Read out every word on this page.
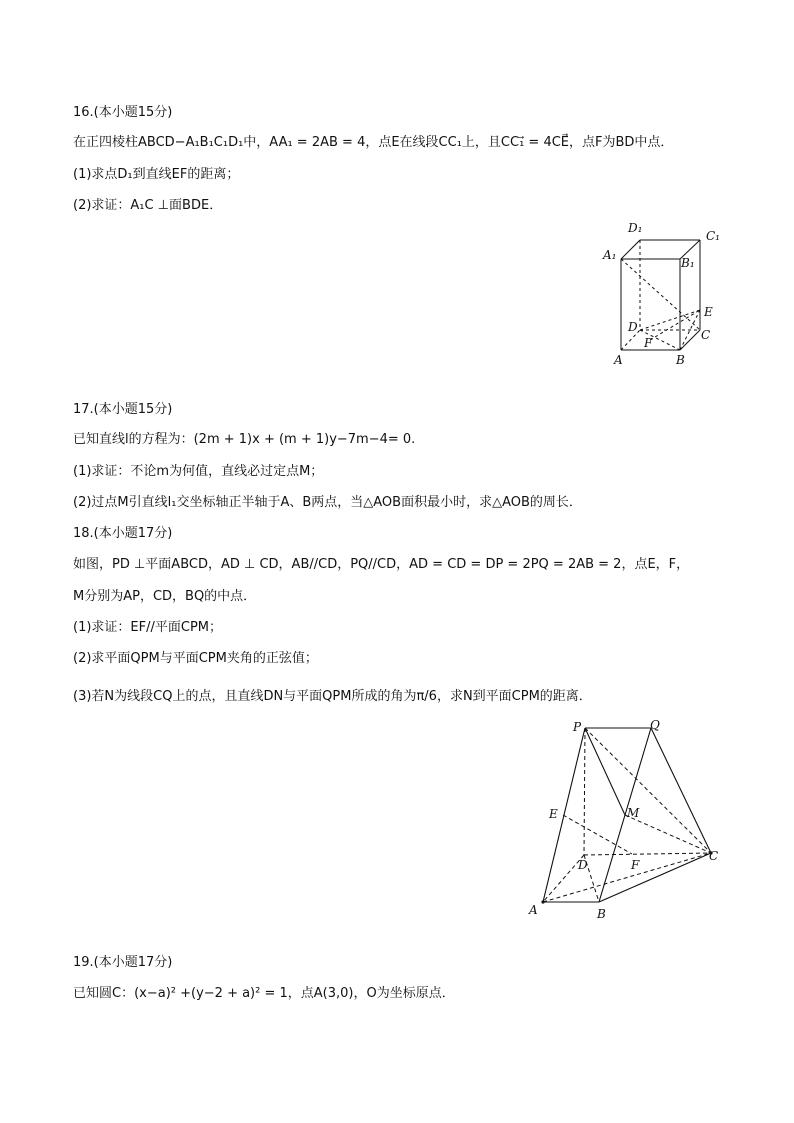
16.(本小题15分)
在正四棱柱ABCD−A₁B₁C₁D₁中，AA₁ = 2AB = 4，点E在线段CC₁上，且CC₁⃗ = 4CE⃗，点F为BD中点．
(1)求点D₁到直线EF的距离；
(2)求证：A₁C ⊥面BDE．
D₁
C₁
A₁
B₁
E
D
C
F
A	B
17.(本小题15分)
已知直线l的方程为：(2m + 1)x + (m + 1)y−7m−4= 0.
(1)求证：不论m为何值，直线必过定点M；
(2)过点M引直线l₁交坐标轴正半轴于A、B两点，当△AOB面积最小时，求△AOB的周长．
18.(本小题17分)
如图，PD ⊥平面ABCD，AD ⊥ CD，AB//CD，PQ//CD，AD = CD = DP = 2PQ = 2AB = 2，点E，F，
M分别为AP，CD，BQ的中点．
(1)求证：EF//平面CPM；
(2)求平面QPM与平面CPM夹角的正弦值；
(3)若N为线段CQ上的点，且直线DN与平面QPM所成的角为π/6，求N到平面CPM的距离．
P	Q
M
E
C
D	F
A	B
19.(本小题17分)
已知圆C：(x−a)² +(y−2 + a)² = 1，点A(3,0)，O为坐标原点．
